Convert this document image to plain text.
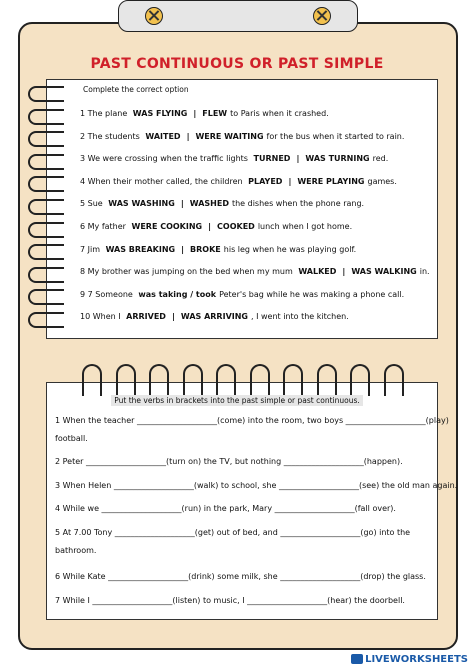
PAST CONTINUOUS OR PAST SIMPLE
Complete the correct option
1 The plane WAS FLYING | FLEW to Paris when it crashed.
2 The students WAITED | WERE WAITING for the bus when it started to rain.
3 We were crossing when the traffic lights TURNED | WAS TURNING red.
4 When their mother called, the children PLAYED | WERE PLAYING games.
5 Sue WAS WASHING | WASHED the dishes when the phone rang.
6 My father WERE COOKING | COOKED lunch when I got home.
7 Jim WAS BREAKING | BROKE his leg when he was playing golf.
8 My brother was jumping on the bed when my mum WALKED | WAS WALKING in.
9 7 Someone was taking / took Peter's bag while he was making a phone call.
10 When I ARRIVED | WAS ARRIVING , I went into the kitchen.
Put the verbs in brackets into the past simple or past continuous.
1 When the teacher ____________________(come) into the room, two boys ____________________(play)
football.
2 Peter ____________________(turn on) the TV, but nothing ____________________(happen).
3 When Helen ____________________(walk) to school, she ____________________(see) the old man again.
4 While we ____________________(run) in the park, Mary ____________________(fall over).
5 At 7.00 Tony ____________________(get) out of bed, and ____________________(go) into the
bathroom.
6 While Kate ____________________(drink) some milk, she ____________________(drop) the glass.
7 While I ____________________(listen) to music, I ____________________(hear) the doorbell.
LIVEWORKSHEETS
